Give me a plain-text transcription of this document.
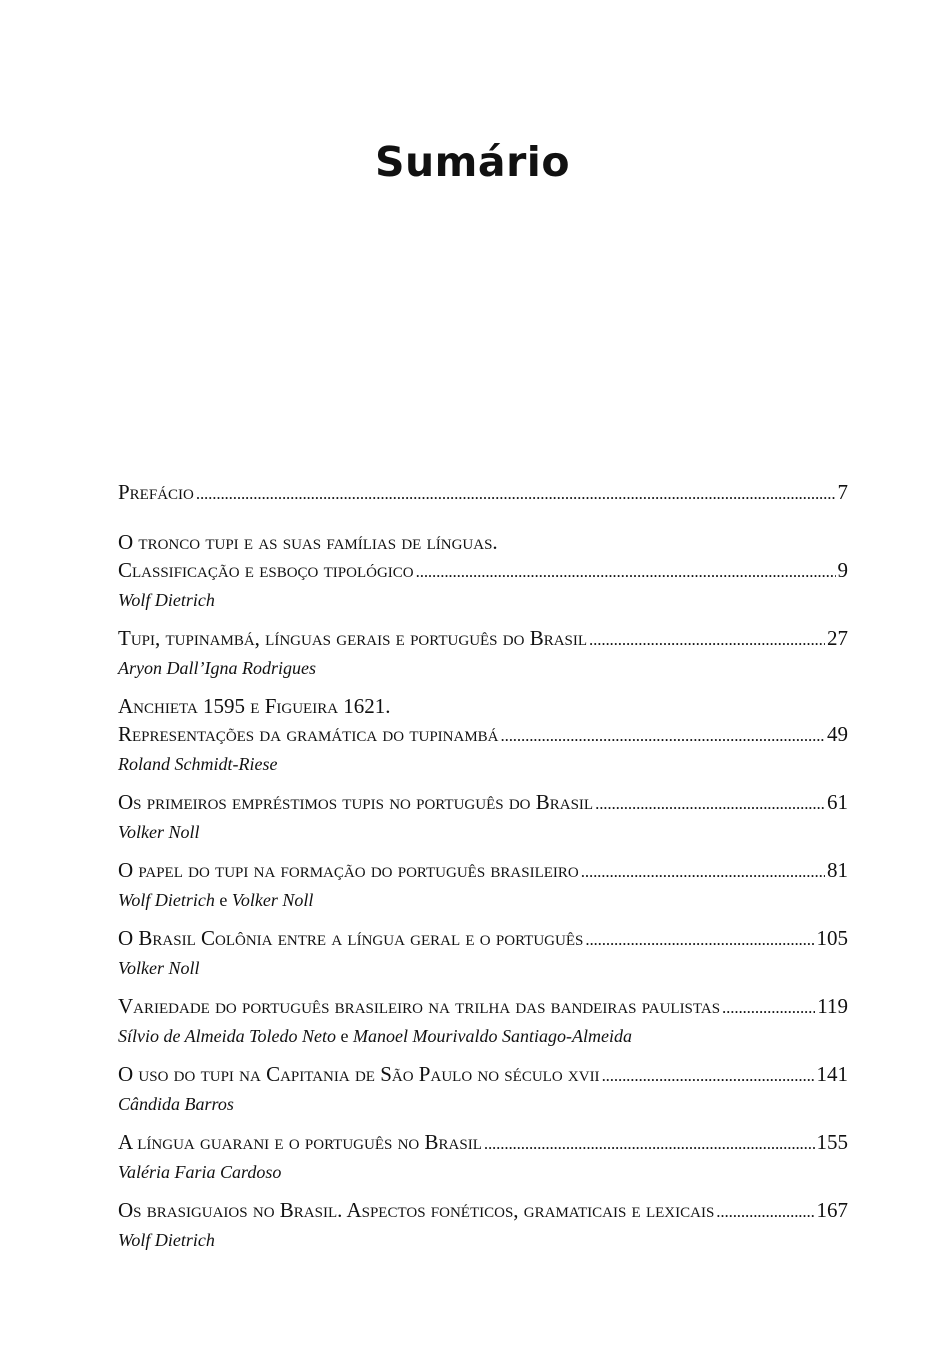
Sumário
Prefácio . . .	7
O tronco tupi e as suas famílias de línguas.
Classificação e esboço tipológico . . .	9
Wolf Dietrich
Tupi, tupinambá, línguas gerais e português do Brasil . . .	27
Aryon Dall’Igna Rodrigues
Anchieta 1595 e Figueira 1621.
Representações da gramática do tupinambá . . .	49
Roland Schmidt-Riese
Os primeiros empréstimos tupis no português do Brasil . . .	61
Volker Noll
O papel do tupi na formação do português brasileiro . . .	81
Wolf Dietrich e Volker Noll
O Brasil Colônia entre a língua geral e o português . . .	105
Volker Noll
Variedade do português brasileiro na trilha das bandeiras paulistas . . .	119
Sílvio de Almeida Toledo Neto e Manoel Mourivaldo Santiago-Almeida
O uso do tupi na Capitania de São Paulo no século xvii . . .	141
Cândida Barros
A língua guarani e o português no Brasil . . .	155
Valéria Faria Cardoso
Os brasiguaios no Brasil. Aspectos fonéticos, gramaticais e lexicais . . .	167
Wolf Dietrich
